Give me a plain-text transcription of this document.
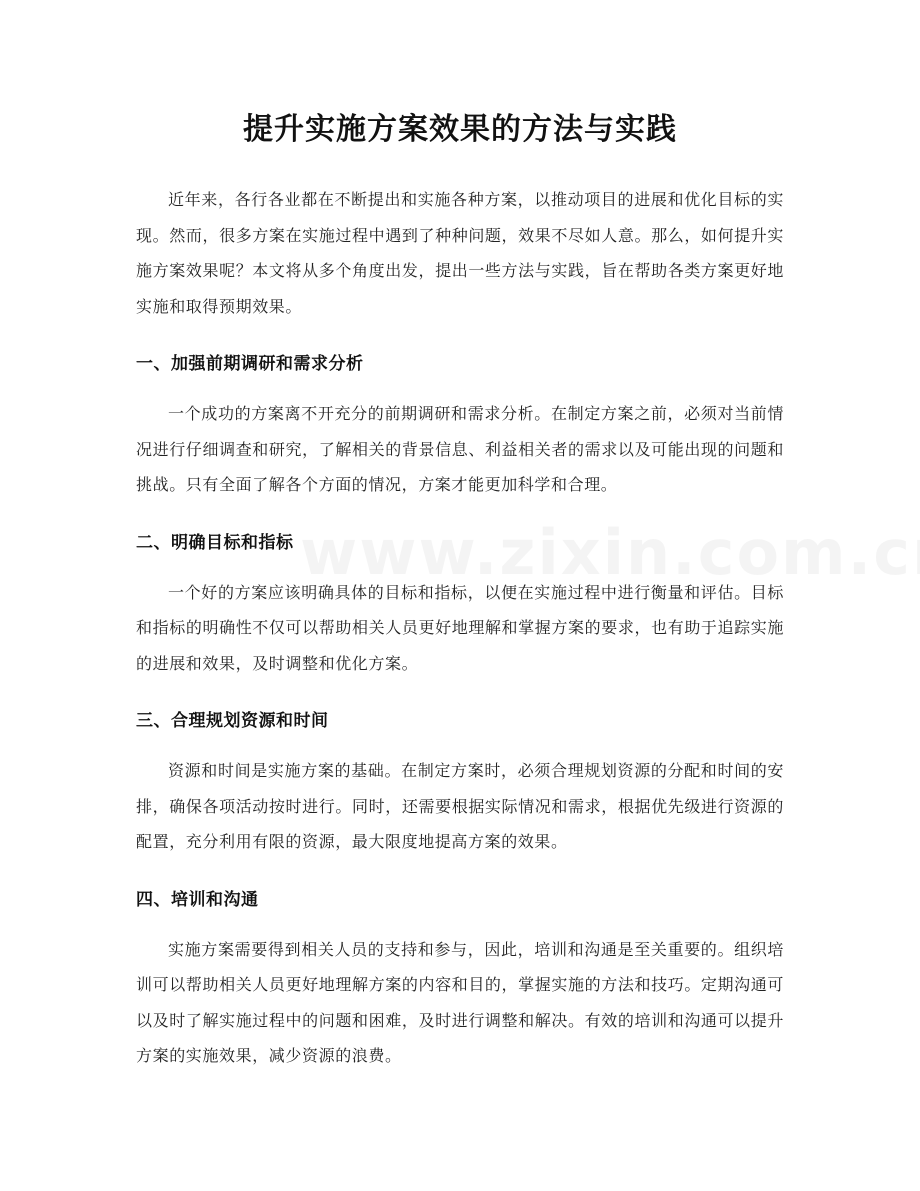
提升实施方案效果的方法与实践

近年来，各行各业都在不断提出和实施各种方案，以推动项目的进展和优化目标的实现。然而，很多方案在实施过程中遇到了种种问题，效果不尽如人意。那么，如何提升实施方案效果呢？本文将从多个角度出发，提出一些方法与实践，旨在帮助各类方案更好地实施和取得预期效果。

一、加强前期调研和需求分析

一个成功的方案离不开充分的前期调研和需求分析。在制定方案之前，必须对当前情况进行仔细调查和研究，了解相关的背景信息、利益相关者的需求以及可能出现的问题和挑战。只有全面了解各个方面的情况，方案才能更加科学和合理。

二、明确目标和指标

一个好的方案应该明确具体的目标和指标，以便在实施过程中进行衡量和评估。目标和指标的明确性不仅可以帮助相关人员更好地理解和掌握方案的要求，也有助于追踪实施的进展和效果，及时调整和优化方案。

三、合理规划资源和时间

资源和时间是实施方案的基础。在制定方案时，必须合理规划资源的分配和时间的安排，确保各项活动按时进行。同时，还需要根据实际情况和需求，根据优先级进行资源的配置，充分利用有限的资源，最大限度地提高方案的效果。

四、培训和沟通

实施方案需要得到相关人员的支持和参与，因此，培训和沟通是至关重要的。组织培训可以帮助相关人员更好地理解方案的内容和目的，掌握实施的方法和技巧。定期沟通可以及时了解实施过程中的问题和困难，及时进行调整和解决。有效的培训和沟通可以提升方案的实施效果，减少资源的浪费。
